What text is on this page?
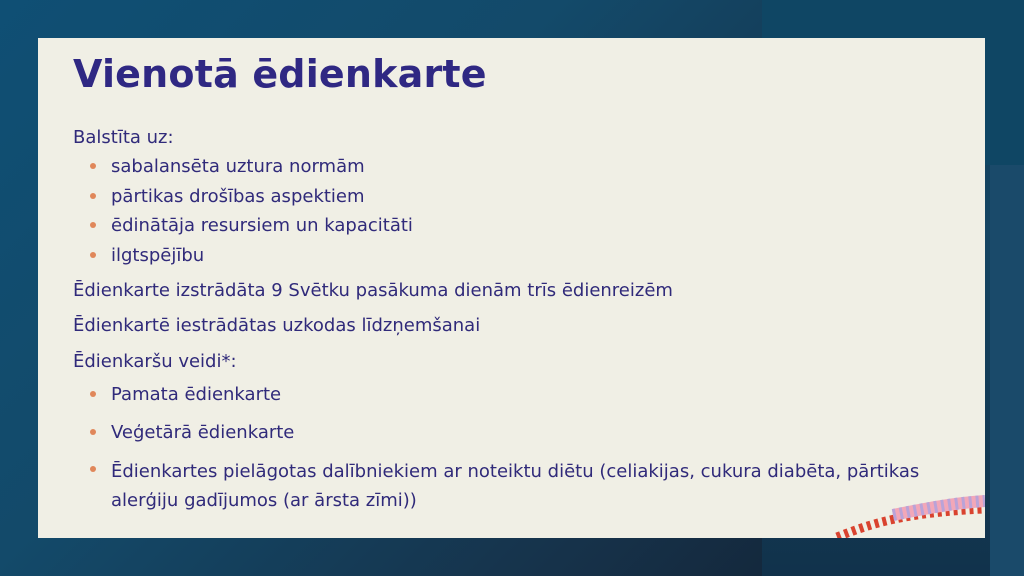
Vienotā ēdienkarte

Balstīta uz:

sabalansēta uztura normām
pārtikas drošības aspektiem
ēdinātāja resursiem un kapacitāti
ilgtspējību

Ēdienkarte izstrādāta 9 Svētku pasākuma dienām trīs ēdienreizēm

Ēdienkartē iestrādātas uzkodas līdzņemšanai

Ēdienkaršu veidi*:

Pamata ēdienkarte
Veģetārā ēdienkarte
Ēdienkartes pielāgotas dalībniekiem ar noteiktu diētu (celiakijas, cukura diabēta, pārtikas alerģiju gadījumos (ar ārsta zīmi))
